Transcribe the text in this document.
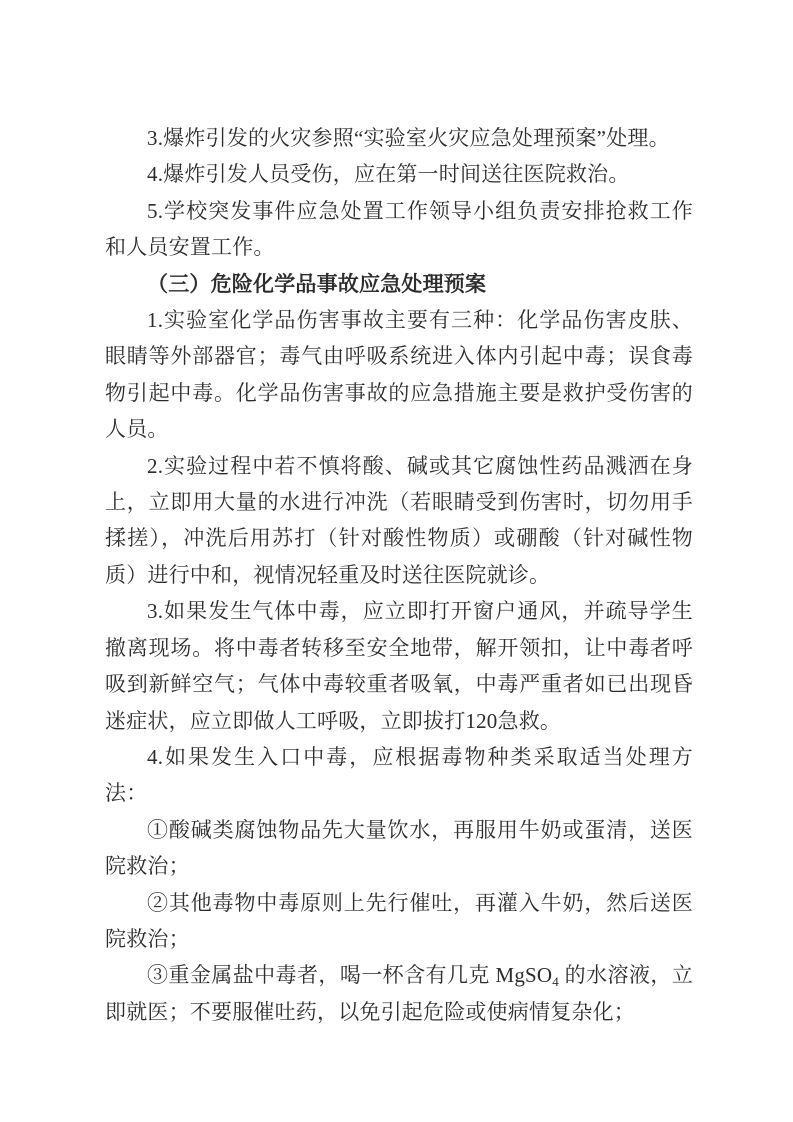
3.爆炸引发的火灾参照“实验室火灾应急处理预案”处理。

4.爆炸引发人员受伤，应在第一时间送往医院救治。

5.学校突发事件应急处置工作领导小组负责安排抢救工作和人员安置工作。

（三）危险化学品事故应急处理预案

1.实验室化学品伤害事故主要有三种：化学品伤害皮肤、眼睛等外部器官；毒气由呼吸系统进入体内引起中毒；误食毒物引起中毒。化学品伤害事故的应急措施主要是救护受伤害的人员。

2.实验过程中若不慎将酸、碱或其它腐蚀性药品溅洒在身上，立即用大量的水进行冲洗（若眼睛受到伤害时，切勿用手揉搓），冲洗后用苏打（针对酸性物质）或硼酸（针对碱性物质）进行中和，视情况轻重及时送往医院就诊。

3.如果发生气体中毒，应立即打开窗户通风，并疏导学生撤离现场。将中毒者转移至安全地带，解开领扣，让中毒者呼吸到新鲜空气；气体中毒较重者吸氧，中毒严重者如已出现昏迷症状，应立即做人工呼吸，立即拔打120急救。

4.如果发生入口中毒，应根据毒物种类采取适当处理方法：

①酸碱类腐蚀物品先大量饮水，再服用牛奶或蛋清，送医院救治；

②其他毒物中毒原则上先行催吐，再灌入牛奶，然后送医院救治；

③重金属盐中毒者，喝一杯含有几克 MgSO$_4$ 的水溶液，立即就医；不要服催吐药，以免引起危险或使病情复杂化；
